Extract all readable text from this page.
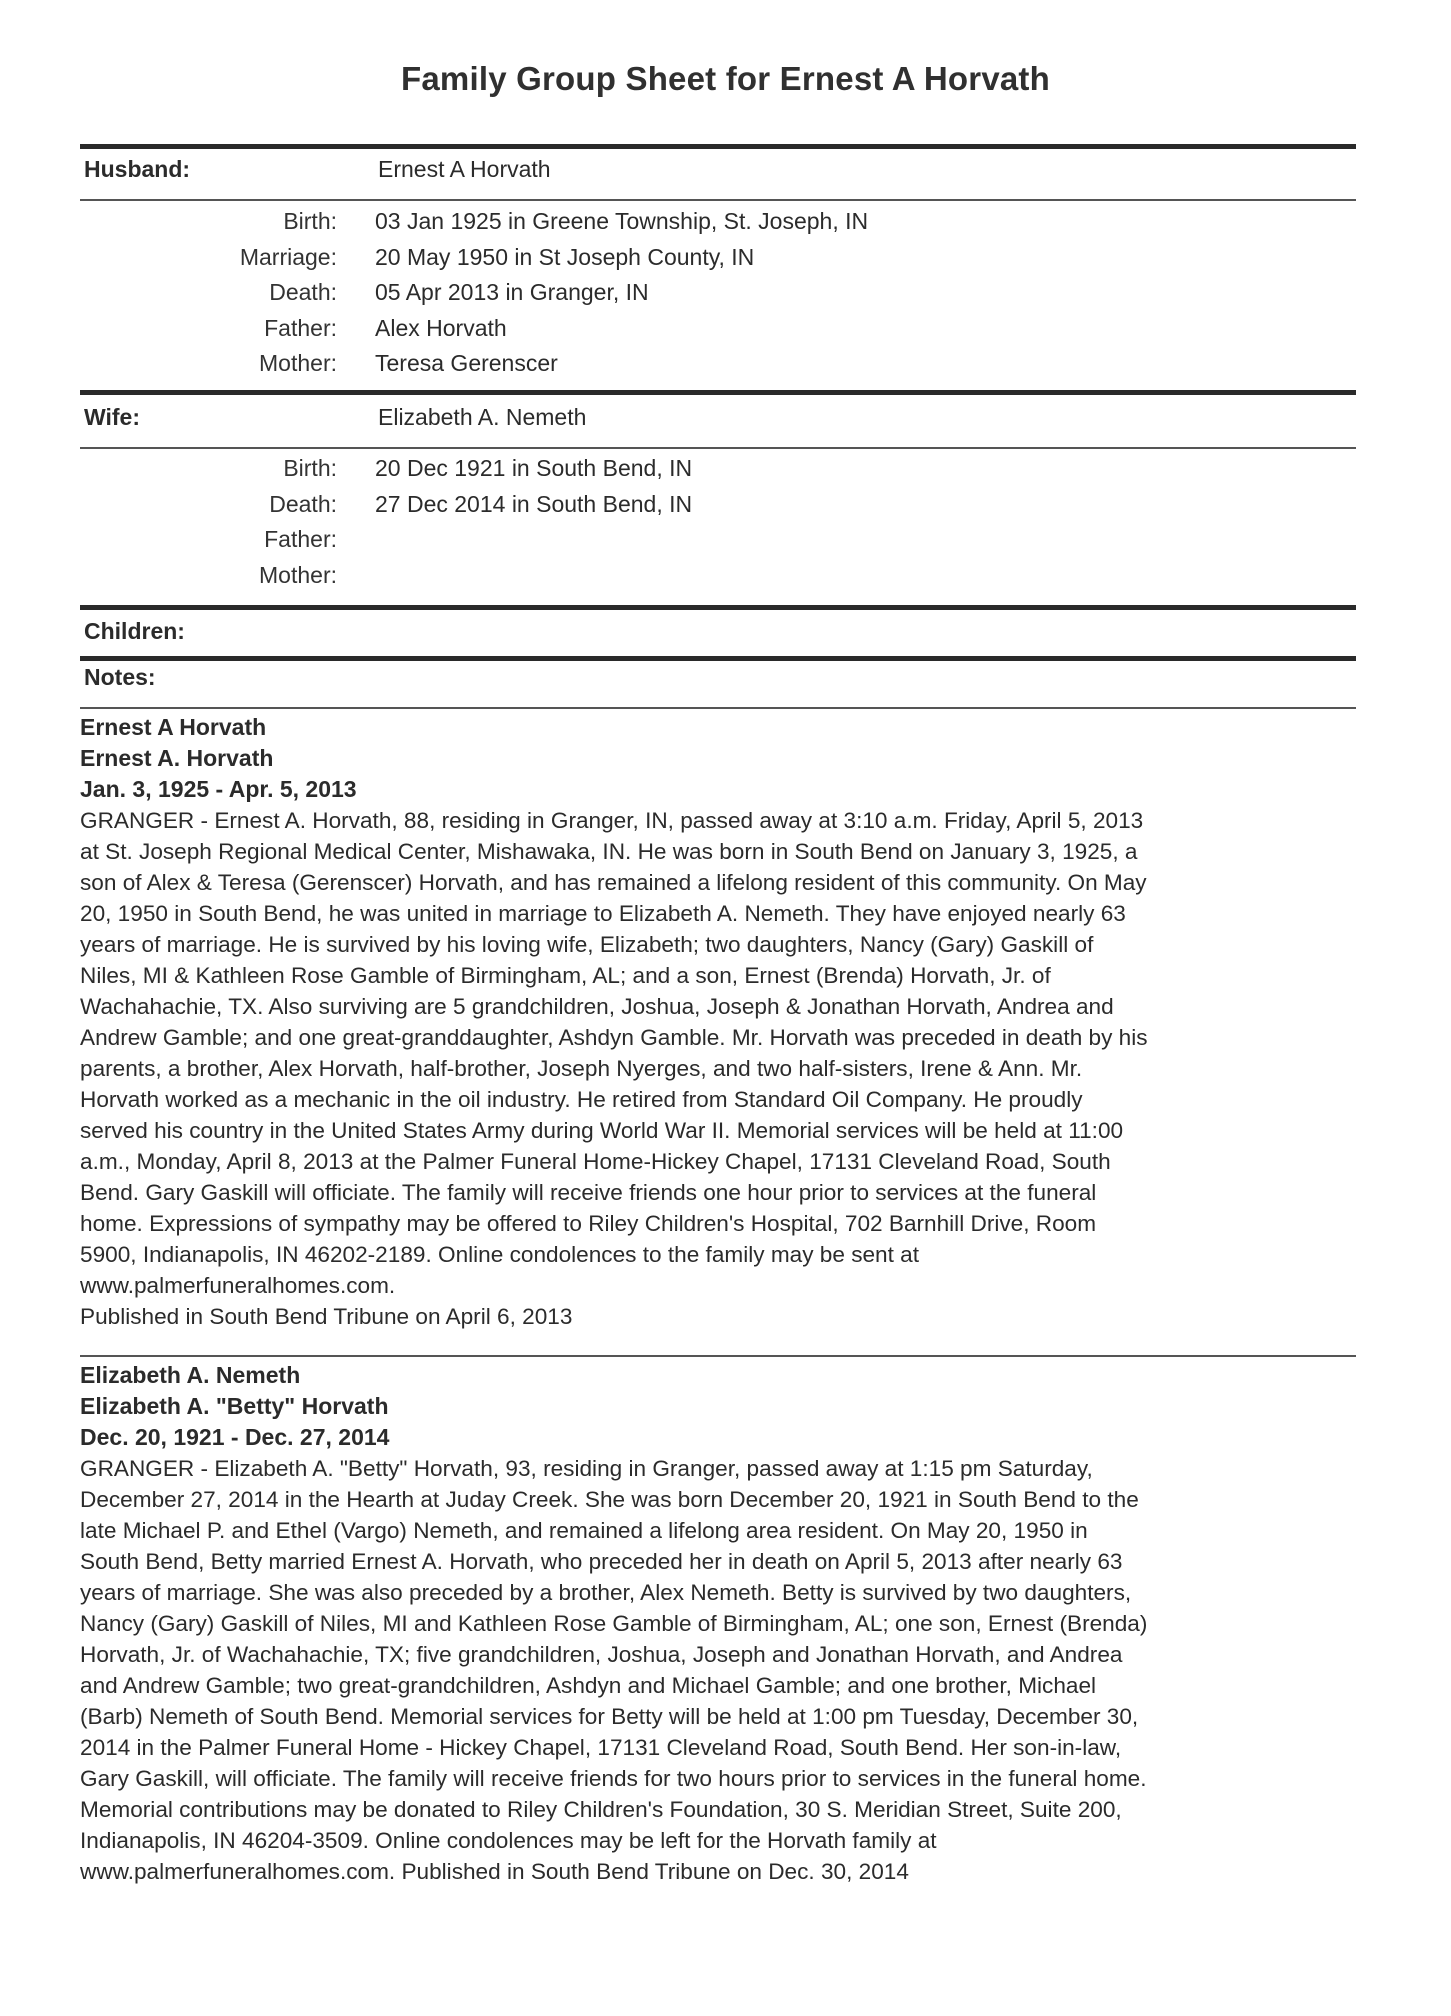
Family Group Sheet for Ernest A Horvath
Husband:	Ernest A Horvath
Birth: 03 Jan 1925 in Greene Township, St. Joseph, IN
Marriage: 20 May 1950 in St Joseph County, IN
Death: 05 Apr 2013 in Granger, IN
Father: Alex Horvath
Mother: Teresa Gerenscer
Wife:	Elizabeth A. Nemeth
Birth: 20 Dec 1921 in South Bend, IN
Death: 27 Dec 2014 in South Bend, IN
Father:
Mother:
Children:
Notes:
Ernest A Horvath
Ernest A. Horvath
Jan. 3, 1925 - Apr. 5, 2013
GRANGER - Ernest A. Horvath, 88, residing in Granger, IN, passed away at 3:10 a.m. Friday, April 5, 2013
at St. Joseph Regional Medical Center, Mishawaka, IN. He was born in South Bend on January 3, 1925, a
son of Alex & Teresa (Gerenscer) Horvath, and has remained a lifelong resident of this community. On May
20, 1950 in South Bend, he was united in marriage to Elizabeth A. Nemeth. They have enjoyed nearly 63
years of marriage. He is survived by his loving wife, Elizabeth; two daughters, Nancy (Gary) Gaskill of
Niles, MI & Kathleen Rose Gamble of Birmingham, AL; and a son, Ernest (Brenda) Horvath, Jr. of
Wachahachie, TX. Also surviving are 5 grandchildren, Joshua, Joseph & Jonathan Horvath, Andrea and
Andrew Gamble; and one great-granddaughter, Ashdyn Gamble. Mr. Horvath was preceded in death by his
parents, a brother, Alex Horvath, half-brother, Joseph Nyerges, and two half-sisters, Irene & Ann. Mr.
Horvath worked as a mechanic in the oil industry. He retired from Standard Oil Company. He proudly
served his country in the United States Army during World War II. Memorial services will be held at 11:00
a.m., Monday, April 8, 2013 at the Palmer Funeral Home-Hickey Chapel, 17131 Cleveland Road, South
Bend. Gary Gaskill will officiate. The family will receive friends one hour prior to services at the funeral
home. Expressions of sympathy may be offered to Riley Children's Hospital, 702 Barnhill Drive, Room
5900, Indianapolis, IN 46202-2189. Online condolences to the family may be sent at
www.palmerfuneralhomes.com.
Published in South Bend Tribune on April 6, 2013
Elizabeth A. Nemeth
Elizabeth A. "Betty" Horvath
Dec. 20, 1921 - Dec. 27, 2014
GRANGER - Elizabeth A. "Betty" Horvath, 93, residing in Granger, passed away at 1:15 pm Saturday,
December 27, 2014 in the Hearth at Juday Creek. She was born December 20, 1921 in South Bend to the
late Michael P. and Ethel (Vargo) Nemeth, and remained a lifelong area resident. On May 20, 1950 in
South Bend, Betty married Ernest A. Horvath, who preceded her in death on April 5, 2013 after nearly 63
years of marriage. She was also preceded by a brother, Alex Nemeth. Betty is survived by two daughters,
Nancy (Gary) Gaskill of Niles, MI and Kathleen Rose Gamble of Birmingham, AL; one son, Ernest (Brenda)
Horvath, Jr. of Wachahachie, TX; five grandchildren, Joshua, Joseph and Jonathan Horvath, and Andrea
and Andrew Gamble; two great-grandchildren, Ashdyn and Michael Gamble; and one brother, Michael
(Barb) Nemeth of South Bend. Memorial services for Betty will be held at 1:00 pm Tuesday, December 30,
2014 in the Palmer Funeral Home - Hickey Chapel, 17131 Cleveland Road, South Bend. Her son-in-law,
Gary Gaskill, will officiate. The family will receive friends for two hours prior to services in the funeral home.
Memorial contributions may be donated to Riley Children's Foundation, 30 S. Meridian Street, Suite 200,
Indianapolis, IN 46204-3509. Online condolences may be left for the Horvath family at
www.palmerfuneralhomes.com. Published in South Bend Tribune on Dec. 30, 2014
